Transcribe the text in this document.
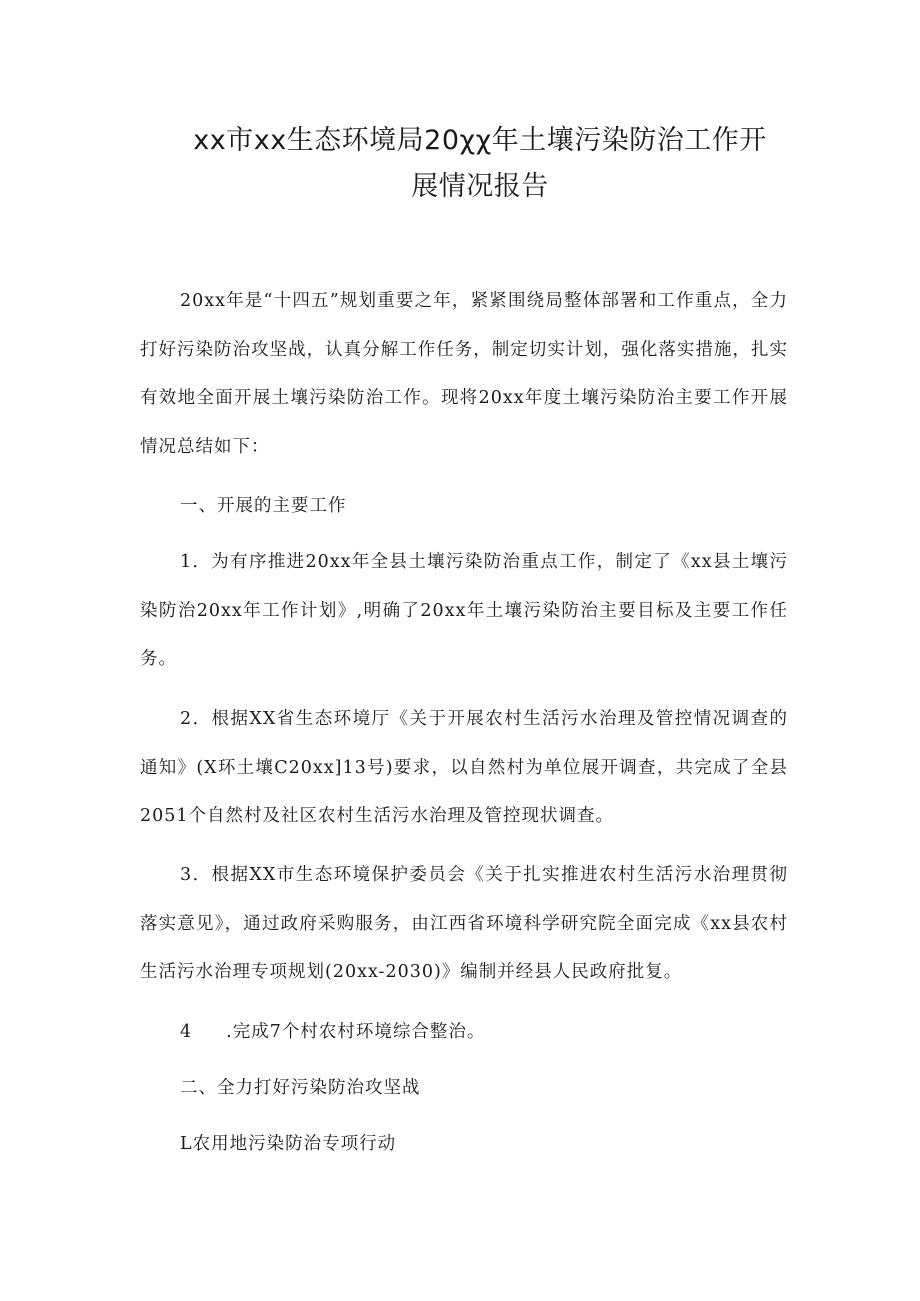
xx市xx生态环境局20χχ年土壤污染防治工作开
展情况报告

20xx年是“十四五”规划重要之年，紧紧围绕局整体部署和工作重点，全力打好污染防治攻坚战，认真分解工作任务，制定切实计划，强化落实措施，扎实有效地全面开展土壤污染防治工作。现将20xx年度土壤污染防治主要工作开展情况总结如下：

一、开展的主要工作

1．为有序推进20xx年全县土壤污染防治重点工作，制定了《xx县土壤污染防治20xx年工作计划》,明确了20xx年土壤污染防治主要目标及主要工作任务。

2．根据XX省生态环境厅《关于开展农村生活污水治理及管控情况调查的通知》(X环土壤C20xx]13号)要求，以自然村为单位展开调查，共完成了全县2051个自然村及社区农村生活污水治理及管控现状调查。

3．根据XX市生态环境保护委员会《关于扎实推进农村生活污水治理贯彻落实意见》，通过政府采购服务，由江西省环境科学研究院全面完成《xx县农村生活污水治理专项规划(20xx-2030)》编制并经县人民政府批复。

4 .完成7个村农村环境综合整治。

二、全力打好污染防治攻坚战

L农用地污染防治专项行动
